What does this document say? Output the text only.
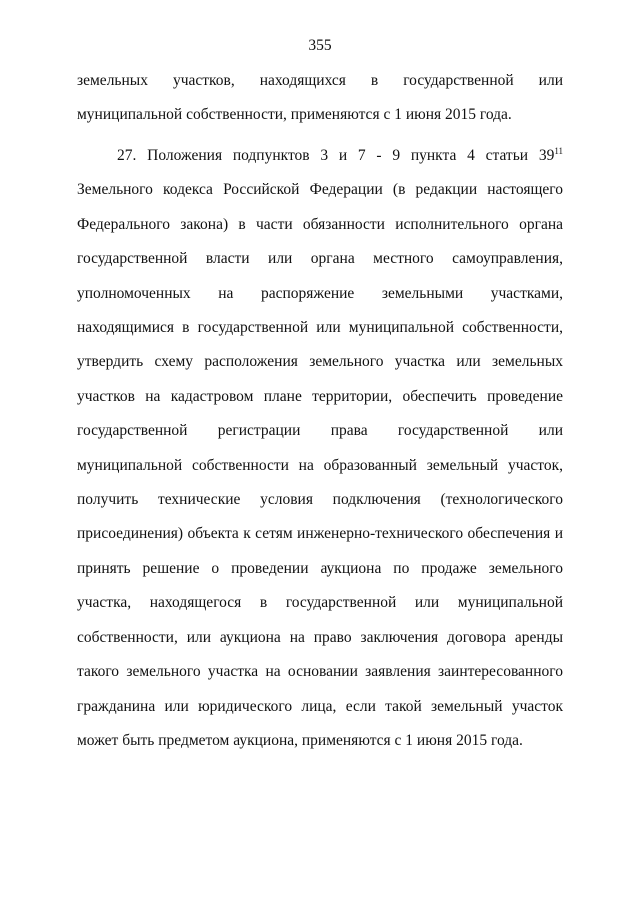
355

земельных участков, находящихся в государственной или муниципальной собственности, применяются с 1 июня 2015 года.

27. Положения подпунктов 3 и 7 - 9 пункта 4 статьи $39^{11}$ Земельного кодекса Российской Федерации (в редакции настоящего Федерального закона) в части обязанности исполнительного органа государственной власти или органа местного самоуправления, уполномоченных на распоряжение земельными участками, находящимися в государственной или муниципальной собственности, утвердить схему расположения земельного участка или земельных участков на кадастровом плане территории, обеспечить проведение государственной регистрации права государственной или муниципальной собственности на образованный земельный участок, получить технические условия подключения (технологического присоединения) объекта к сетям инженерно-технического обеспечения и принять решение о проведении аукциона по продаже земельного участка, находящегося в государственной или муниципальной собственности, или аукциона на право заключения договора аренды такого земельного участка на основании заявления заинтересованного гражданина или юридического лица, если такой земельный участок может быть предметом аукциона, применяются с 1 июня 2015 года.
